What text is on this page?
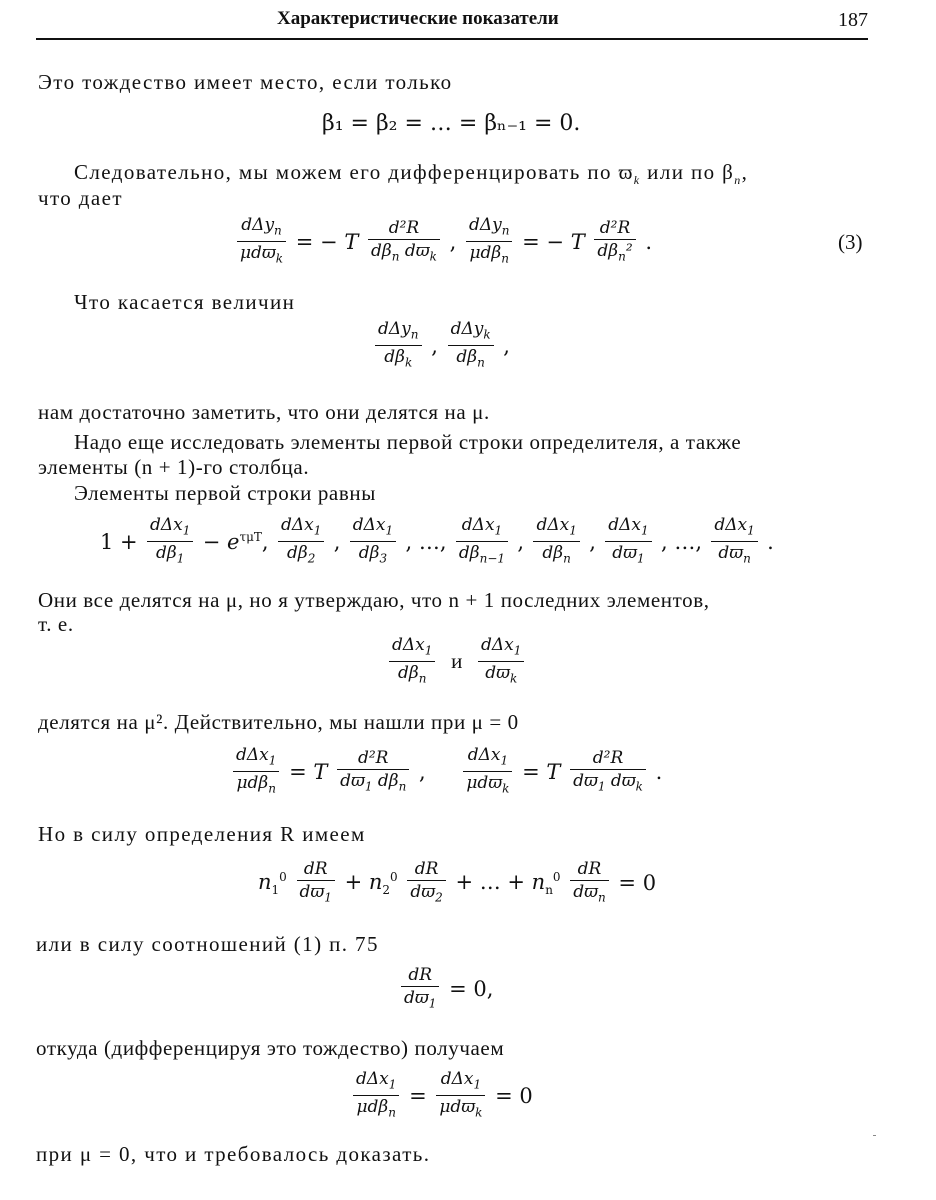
Характеристические показатели	187
Это тождество имеет место, если только
β₁ = β₂ = … = βₙ₋₁ = 0.
Следовательно, мы можем его дифференцировать по $ϖ_k$ или по $\beta_n$,
что дает
$\frac{d\Delta y_n}{\mu dϖ_k}$ = − T $\frac{\text{d²R}}{d\beta_n dϖ_k}$ , $\frac{d\Delta y_n}{\mu d\beta_n}$ = − T $\frac{\text{d²R}}{d\beta_n^2}$ .	(3)
Что касается величин
$\frac{d\Delta y_n}{d\beta_k}$ , $\frac{d\Delta y_k}{d\beta_n}$ ,
нам достаточно заметить, что они делятся на μ.
Надо еще исследовать элементы первой строки определителя, а также
элементы (n + 1)-го столбца.
Элементы первой строки равны
$1 + \frac{d\Delta x_1}{d\beta_1} - e^{\tau\mu T}$, $\frac{d\Delta x_1}{d\beta_2}$ , $\frac{d\Delta x_1}{d\beta_3}$ , …, $\frac{d\Delta x_1}{d\beta_{n-1}}$ , $\frac{d\Delta x_1}{d\beta_n}$ , $\frac{d\Delta x_1}{dϖ_1}$ , …, $\frac{d\Delta x_1}{dϖ_n}$ .
Они все делятся на μ, но я утверждаю, что n + 1 последних элементов,
т. е.
$\frac{d\Delta x_1}{d\beta_n}$ и $\frac{d\Delta x_1}{dϖ_k}$
делятся на μ². Действительно, мы нашли при μ = 0
$\frac{d\Delta x_1}{\mu d\beta_n} = T \frac{\text{d²R}}{dϖ_1 d\beta_n}$ , $\frac{d\Delta x_1}{\mu dϖ_k} = T \frac{\text{d²R}}{dϖ_1 dϖ_k}$ .
Но в силу определения R имеем
$n_1^0 \frac{dR}{dϖ_1} + n_2^0 \frac{dR}{dϖ_2}$ + … + $n_n^0 \frac{dR}{dϖ_n} = 0$
или в силу соотношений (1) п. 75
$\frac{dR}{dϖ_1} = 0$,
откуда (дифференцируя это тождество) получаем
$\frac{d\Delta x_1}{\mu d\beta_n} = \frac{d\Delta x_1}{\mu dϖ_k} = 0$
при μ = 0, что и требовалось доказать.
